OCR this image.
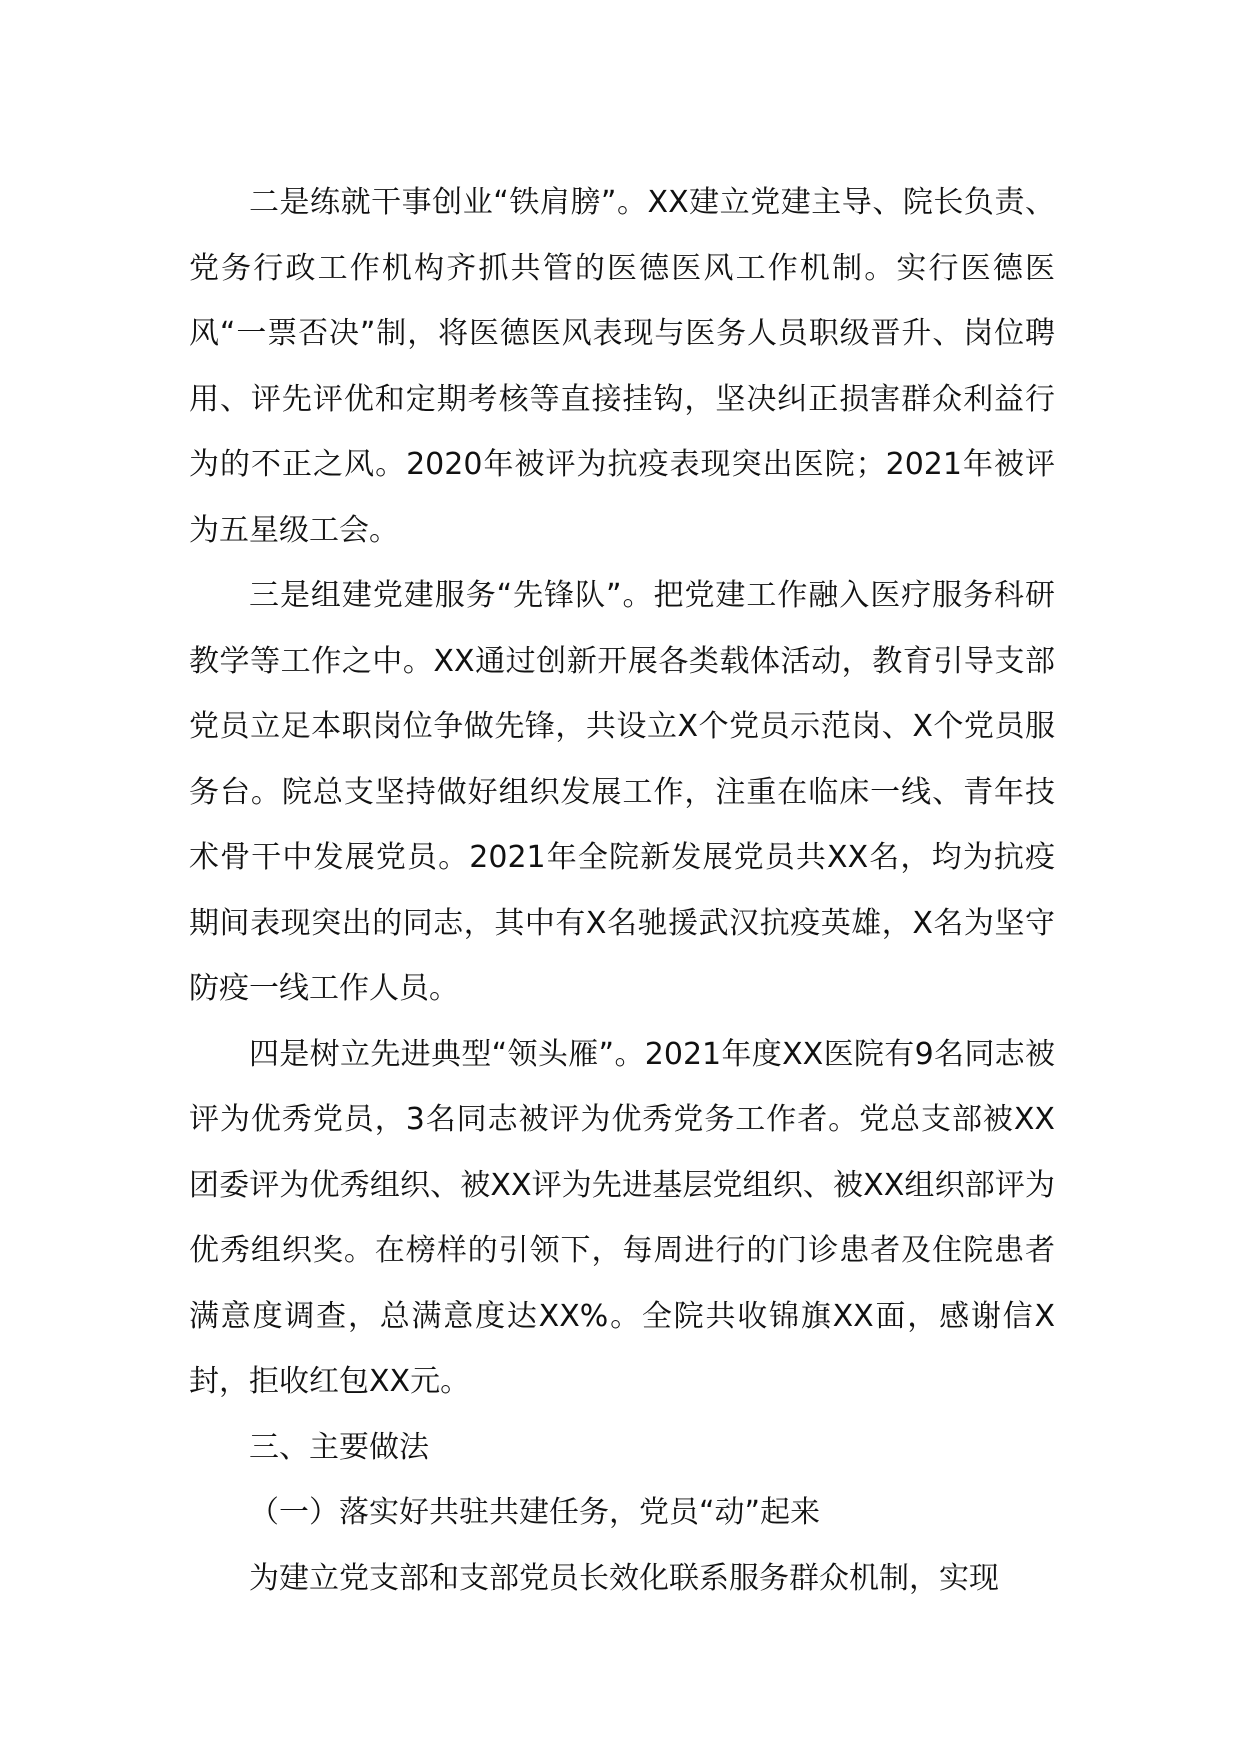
二是练就干事创业“铁肩膀”。XX建立党建主导、院长负责、党务行政工作机构齐抓共管的医德医风工作机制。实行医德医风“一票否决”制，将医德医风表现与医务人员职级晋升、岗位聘用、评先评优和定期考核等直接挂钩，坚决纠正损害群众利益行为的不正之风。2020年被评为抗疫表现突出医院；2021年被评为五星级工会。

三是组建党建服务“先锋队”。把党建工作融入医疗服务科研教学等工作之中。XX通过创新开展各类载体活动，教育引导支部党员立足本职岗位争做先锋，共设立X个党员示范岗、X个党员服务台。院总支坚持做好组织发展工作，注重在临床一线、青年技术骨干中发展党员。2021年全院新发展党员共XX名，均为抗疫期间表现突出的同志，其中有X名驰援武汉抗疫英雄，X名为坚守防疫一线工作人员。

四是树立先进典型“领头雁”。2021年度XX医院有9名同志被评为优秀党员，3名同志被评为优秀党务工作者。党总支部被XX团委评为优秀组织、被XX评为先进基层党组织、被XX组织部评为优秀组织奖。在榜样的引领下，每周进行的门诊患者及住院患者满意度调查，总满意度达XX%。全院共收锦旗XX面，感谢信X封，拒收红包XX元。

三、主要做法

（一）落实好共驻共建任务，党员“动”起来

为建立党支部和支部党员长效化联系服务群众机制，实现
